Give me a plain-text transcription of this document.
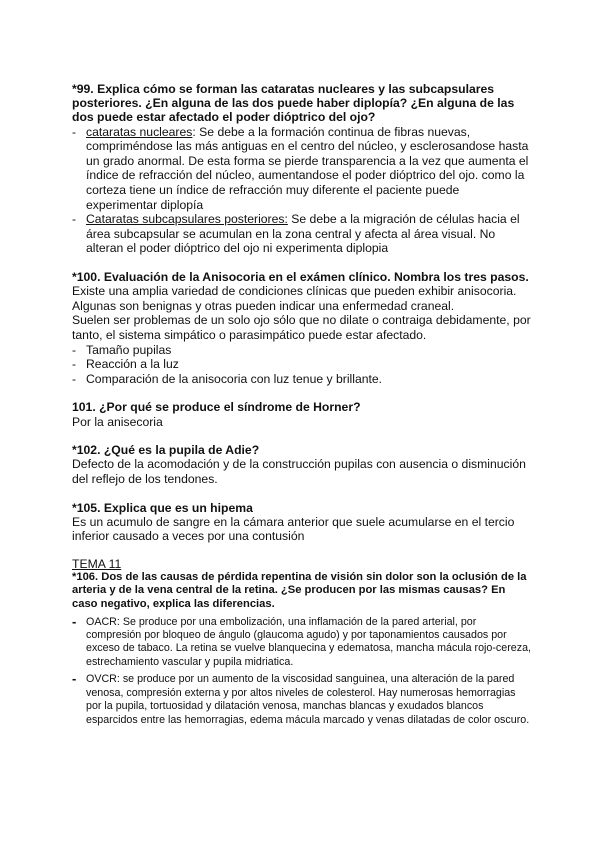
*99. Explica cómo se forman las cataratas nucleares y las subcapsulares posteriores. ¿En alguna de las dos puede haber diplopía? ¿En alguna de las dos puede estar afectado el poder dióptrico del ojo?

- cataratas nucleares: Se debe a la formación continua de fibras nuevas, compriméndose las más antiguas en el centro del núcleo, y esclerosandose hasta un grado anormal. De esta forma se pierde transparencia a la vez que aumenta el índice de refracción del núcleo, aumentandose el poder dióptrico del ojo. como la corteza tiene un índice de refracción muy diferente el paciente puede experimentar diplopía
- Cataratas subcapsulares posteriores: Se debe a la migración de células hacia el área subcapsular se acumulan en la zona central y afecta al área visual. No alteran el poder dióptrico del ojo ni experimenta diplopia

*100. Evaluación de la Anisocoria en el exámen clínico. Nombra los tres pasos.

Existe una amplia variedad de condiciones clínicas que pueden exhibir anisocoria. Algunas son benignas y otras pueden indicar una enfermedad craneal.

Suelen ser problemas de un solo ojo sólo que no dilate o contraiga debidamente, por tanto, el sistema simpático o parasimpático puede estar afectado.

- Tamaño pupilas
- Reacción a la luz
- Comparación de la anisocoria con luz tenue y brillante.

101. ¿Por qué se produce el síndrome de Horner?

Por la anisecoria

*102. ¿Qué es la pupila de Adie?

Defecto de la acomodación y de la construcción pupilas con ausencia o disminución del reflejo de los tendones.

*105. Explica que es un hipema

Es un acumulo de sangre en la cámara anterior que suele acumularse en el tercio inferior causado a veces por una contusión

TEMA 11

*106. Dos de las causas de pérdida repentina de visión sin dolor son la oclusión de la arteria y de la vena central de la retina. ¿Se producen por las mismas causas? En caso negativo, explica las diferencias.

- OACR: Se produce por una embolización, una inflamación de la pared arterial, por compresión por bloqueo de ángulo (glaucoma agudo) y por taponamientos causados por exceso de tabaco. La retina se vuelve blanquecina y edematosa, mancha mácula rojo-cereza, estrechamiento vascular y pupila midriatica.
- OVCR: se produce por un aumento de la viscosidad sanguinea, una alteración de la pared venosa, compresión externa y por altos niveles de colesterol. Hay numerosas hemorragias por la pupila, tortuosidad y dilatación venosa, manchas blancas y exudados blancos esparcidos entre las hemorragias, edema mácula marcado y venas dilatadas de color oscuro.
